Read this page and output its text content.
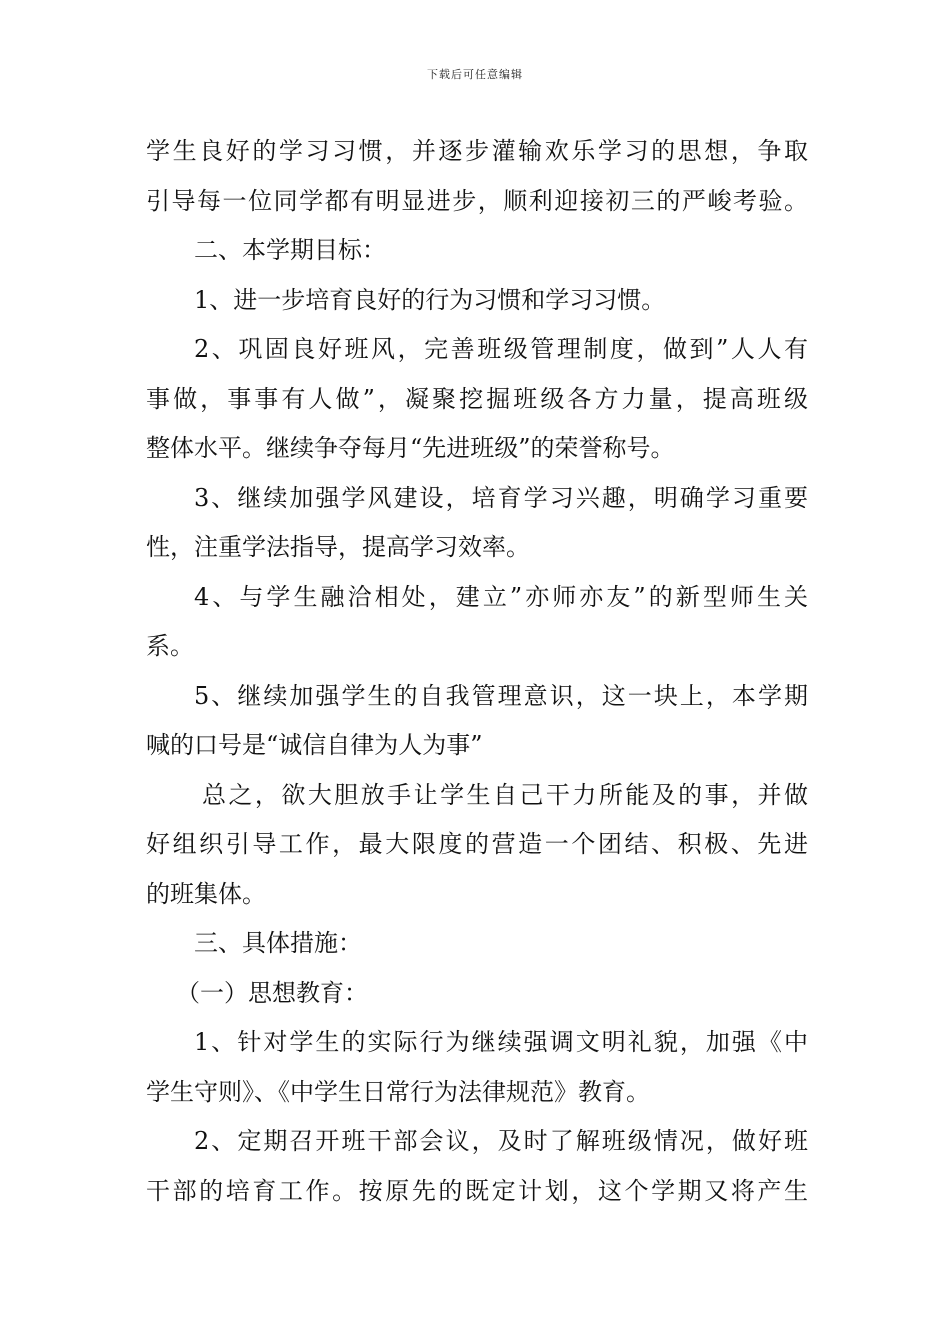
下载后可任意编辑
学生良好的学习习惯，并逐步灌输欢乐学习的思想，争取
引导每一位同学都有明显进步，顺利迎接初三的严峻考验。
二、本学期目标：
1、进一步培育良好的行为习惯和学习习惯。
2、巩固良好班风，完善班级管理制度，做到”人人有
事做，事事有人做”，凝聚挖掘班级各方力量，提高班级
整体水平。继续争夺每月“先进班级”的荣誉称号。
3、继续加强学风建设，培育学习兴趣，明确学习重要
性，注重学法指导，提高学习效率。
4、与学生融洽相处，建立”亦师亦友”的新型师生关
系。
5、继续加强学生的自我管理意识，这一块上，本学期
喊的口号是“诚信自律为人为事”
总之，欲大胆放手让学生自己干力所能及的事，并做
好组织引导工作，最大限度的营造一个团结、积极、先进
的班集体。
三、具体措施：
（一）思想教育：
1、针对学生的实际行为继续强调文明礼貌，加强《中
学生守则》、《中学生日常行为法律规范》教育。
2、定期召开班干部会议，及时了解班级情况，做好班
干部的培育工作。按原先的既定计划，这个学期又将产生
